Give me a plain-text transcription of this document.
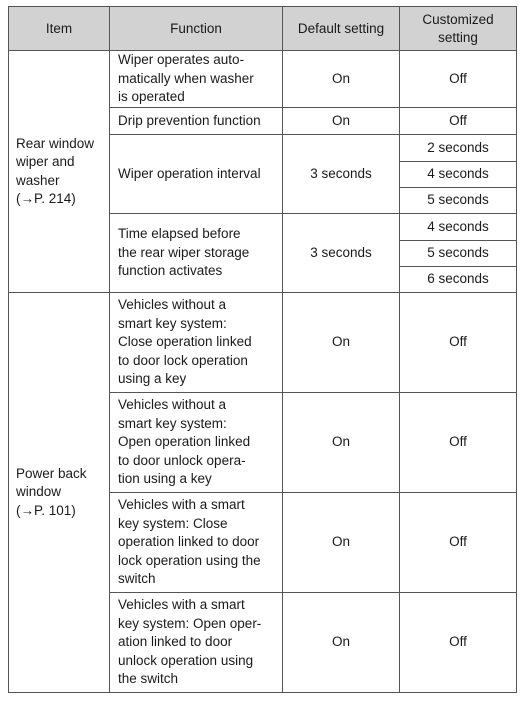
Item	Function	Default setting	Customized
setting

Rear window
wiper and
washer
(→P. 214)	Wiper operates auto-
matically when washer
is operated	On	Off
	Drip prevention function	On	Off
	Wiper operation interval	3 seconds	2 seconds
			4 seconds
			5 seconds
	Time elapsed before
the rear wiper storage
function activates	3 seconds	4 seconds
			5 seconds
			6 seconds

Power back
window
(→P. 101)	Vehicles without a
smart key system:
Close operation linked
to door lock operation
using a key	On	Off
	Vehicles without a
smart key system:
Open operation linked
to door unlock opera-
tion using a key	On	Off
	Vehicles with a smart
key system: Close
operation linked to door
lock operation using the
switch	On	Off
	Vehicles with a smart
key system: Open oper-
ation linked to door
unlock operation using
the switch	On	Off
